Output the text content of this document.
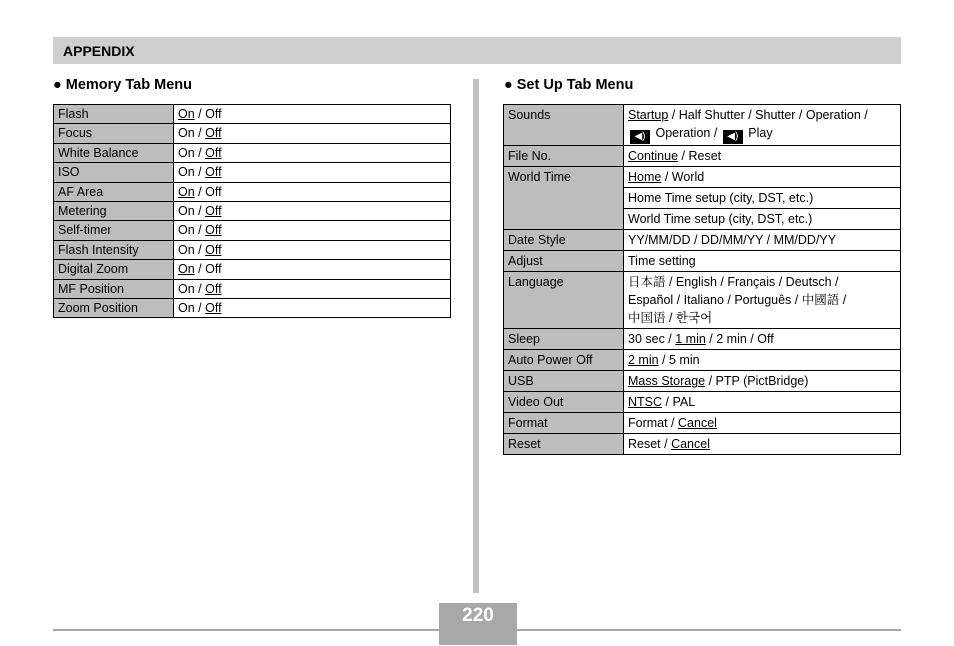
APPENDIX
● Memory Tab Menu
Flash	On / Off
Focus	On / Off
White Balance	On / Off
ISO	On / Off
AF Area	On / Off
Metering	On / Off
Self-timer	On / Off
Flash Intensity	On / Off
Digital Zoom	On / Off
MF Position	On / Off
Zoom Position	On / Off
● Set Up Tab Menu
Sounds	Startup / Half Shutter / Shutter / Operation /
◀) Operation / ◀) Play
File No.	Continue / Reset
World Time	Home / World
	Home Time setup (city, DST, etc.)
	World Time setup (city, DST, etc.)
Date Style	YY/MM/DD / DD/MM/YY / MM/DD/YY
Adjust	Time setting
Language	日本語 / English / Français / Deutsch /
Español / Italiano / Português / 中國語 /
中国语 / 한국어
Sleep	30 sec / 1 min / 2 min / Off
Auto Power Off	2 min / 5 min
USB	Mass Storage / PTP (PictBridge)
Video Out	NTSC / PAL
Format	Format / Cancel
Reset	Reset / Cancel
220
